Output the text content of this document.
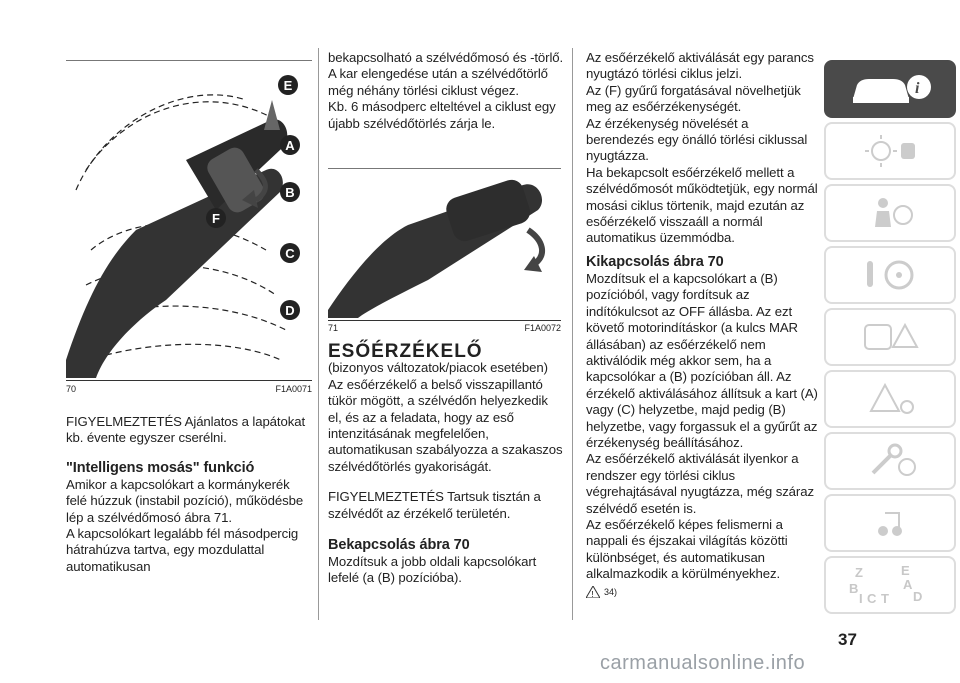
E
A
B
C
D
F
70	F1A0071

FIGYELMEZTETÉS Ajánlatos a lapátokat kb. évente egyszer cserélni.

"Intelligens mosás" funkció

Amikor a kapcsolókart a kormánykerék felé húzzuk (instabil pozíció), működésbe lép a szélvédőmosó ábra 71.

A kapcsolókart legalább fél másodpercig hátrahúzva tartva, egy mozdulattal automatikusan

bekapcsolható a szélvédőmosó és -törlő.

A kar elengedése után a szélvédőtörlő még néhány törlési ciklust végez.

Kb. 6 másodperc elteltével a ciklust egy újabb szélvédőtörlés zárja le.

71	F1A0072

ESŐÉRZÉKELŐ

(bizonyos változatok/piacok esetében)

Az esőérzékelő a belső visszapillantó tükör mögött, a szélvédőn helyezkedik el, és az a feladata, hogy az eső intenzitásának megfelelően, automatikusan szabályozza a szakaszos szélvédőtörlés gyakoriságát.

FIGYELMEZTETÉS Tartsuk tisztán a szélvédőt az érzékelő területén.

Bekapcsolás ábra 70

Mozdítsuk a jobb oldali kapcsolókart lefelé (a (B) pozícióba).

Az esőérzékelő aktiválását egy parancs nyugtázó törlési ciklus jelzi.

Az (F) gyűrű forgatásával növelhetjük meg az esőérzékenységét.

Az érzékenység növelését a berendezés egy önálló törlési ciklussal nyugtázza.

Ha bekapcsolt esőérzékelő mellett a szélvédőmosót működtetjük, egy normál mosási ciklus törtenik, majd ezután az esőérzékelő visszaáll a normál automatikus üzemmódba.

Kikapcsolás ábra 70

Mozdítsuk el a kapcsolókart a (B) pozícióból, vagy fordítsuk az indítókulcsot az OFF állásba. Az ezt követő motorindításkor (a kulcs MAR állásában) az esőérzékelő nem aktiválódik még akkor sem, ha a kapcsolókar a (B) pozícióban áll. Az érzékelő aktiválásához állítsuk a kart (A) vagy (C) helyzetbe, majd pedig (B) helyzetbe, vagy forgassuk el a gyűrűt az érzékenység beállításához.

Az esőérzékelő aktiválását ilyenkor a rendszer egy törlési ciklus végrehajtásával nyugtázza, még száraz szélvédő esetén is.

Az esőérzékelő képes felismerni a nappali és éjszakai világítás közötti különbséget, és automatikusan alkalmazkodik a körülményekhez.

! 34)
i
Z	E
B	A
C T D
I
37
carmanualsonline.info
